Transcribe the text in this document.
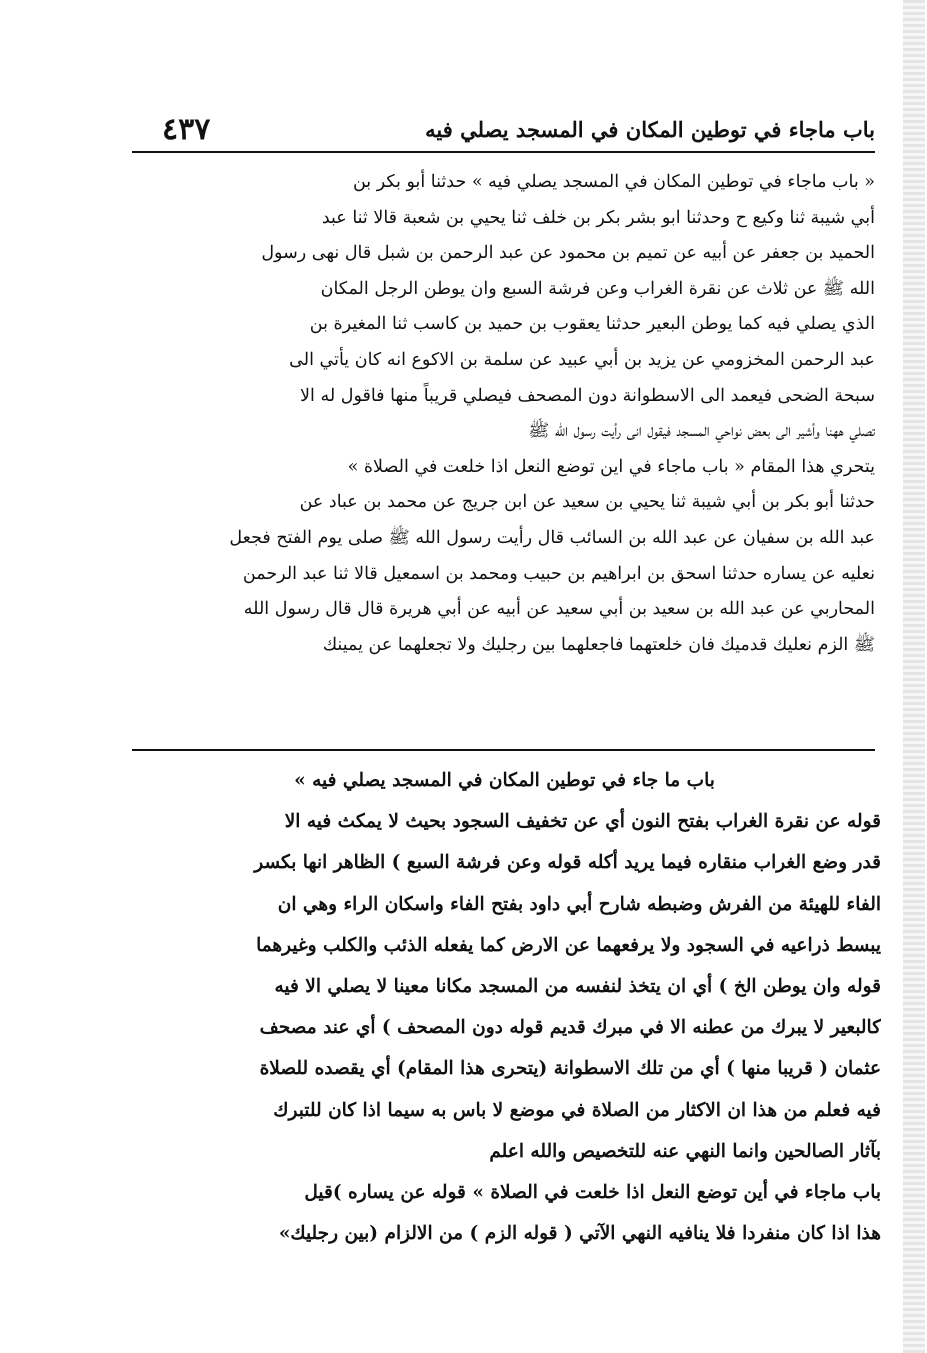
باب ماجاء في توطين المكان في المسجد يصلي فيه
٤٣٧
« باب ماجاء في توطين المكان في المسجد يصلي فيه » حدثنا أبو بكر بن
أبي شيبة ثنا وكيع ح وحدثنا ابو بشر بكر بن خلف ثنا يحيي بن شعبة قالا ثنا عبد
الحميد بن جعفر عن أبيه عن تميم بن محمود عن عبد الرحمن بن شبل قال نهى رسول
الله ﷺ عن ثلاث عن نقرة الغراب وعن فرشة السبع وان يوطن الرجل المكان
الذي يصلي فيه كما يوطن البعير حدثنا يعقوب بن حميد بن كاسب ثنا المغيرة بن
عبد الرحمن المخزومي عن يزيد بن أبي عبيد عن سلمة بن الاكوع انه كان يأتي الى
سبحة الضحى فيعمد الى الاسطوانة دون المصحف فيصلي قريباً منها فاقول له الا
تصلي ههنا وأشير الى بعض نواحي المسجد فيقول انى رأيت رسول الله ﷺ
يتحري هذا المقام « باب ماجاء في اين توضع النعل اذا خلعت في الصلاة »
حدثنا أبو بكر بن أبي شيبة ثنا يحيي بن سعيد عن ابن جريج عن محمد بن عباد عن
عبد الله بن سفيان عن عبد الله بن السائب قال رأيت رسول الله ﷺ صلى يوم الفتح فجعل
نعليه عن يساره حدثنا اسحق بن ابراهيم بن حبيب ومحمد بن اسمعيل قالا ثنا عبد الرحمن
المحاربي عن عبد الله بن سعيد بن أبي سعيد عن أبيه عن أبي هريرة قال قال رسول الله
ﷺ الزم نعليك قدميك فان خلعتهما فاجعلهما بين رجليك ولا تجعلهما عن يمينك
باب ما جاء في توطين المكان في المسجد يصلي فيه »
قوله عن نقرة الغراب بفتح النون أي عن تخفيف السجود بحيث لا يمكث فيه الا
قدر وضع الغراب منقاره فيما يريد أكله قوله وعن فرشة السبع ) الظاهر انها بكسر
الفاء للهيئة من الفرش وضبطه شارح أبي داود بفتح الفاء واسكان الراء وهي ان
يبسط ذراعيه في السجود ولا يرفعهما عن الارض كما يفعله الذئب والكلب وغيرهما
قوله وان يوطن الخ ) أي ان يتخذ لنفسه من المسجد مكانا معينا لا يصلي الا فيه
كالبعير لا يبرك من عطنه الا في مبرك قديم قوله دون المصحف ) أي عند مصحف
عثمان ( قريبا منها ) أي من تلك الاسطوانة (يتحرى هذا المقام) أي يقصده للصلاة
فيه فعلم من هذا ان الاكثار من الصلاة في موضع لا باس به سيما اذا كان للتبرك
بآثار الصالحين وانما النهي عنه للتخصيص والله اعلم
باب ماجاء في أين توضع النعل اذا خلعت في الصلاة » قوله عن يساره )قيل
هذا اذا كان منفردا فلا ينافيه النهي الآتي ( قوله الزم ) من الالزام (بين رجليك»
